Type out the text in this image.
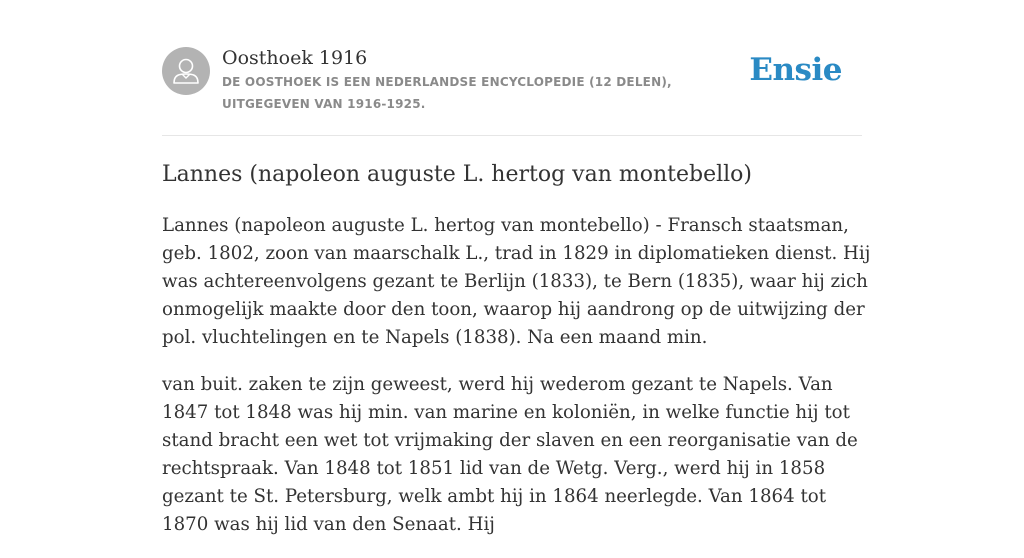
Oosthoek 1916
DE OOSTHOEK IS EEN NEDERLANDSE ENCYCLOPEDIE (12 DELEN), UITGEGEVEN VAN 1916-1925.
Ensie
Lannes (napoleon auguste L. hertog van montebello)

Lannes (napoleon auguste L. hertog van montebello) - Fransch staatsman, geb. 1802, zoon van maarschalk L., trad in 1829 in diplomatieken dienst. Hij was achtereenvolgens gezant te Berlijn (1833), te Bern (1835), waar hij zich onmogelijk maakte door den toon, waarop hij aandrong op de uitwijzing der pol. vluchtelingen en te Napels (1838). Na een maand min.

van buit. zaken te zijn geweest, werd hij wederom gezant te Napels. Van 1847 tot 1848 was hij min. van marine en koloniën, in welke functie hij tot stand bracht een wet tot vrijmaking der slaven en een reorganisatie van de rechtspraak. Van 1848 tot 1851 lid van de Wetg. Verg., werd hij in 1858 gezant te St. Petersburg, welk ambt hij in 1864 neerlegde. Van 1864 tot 1870 was hij lid van den Senaat. Hij
